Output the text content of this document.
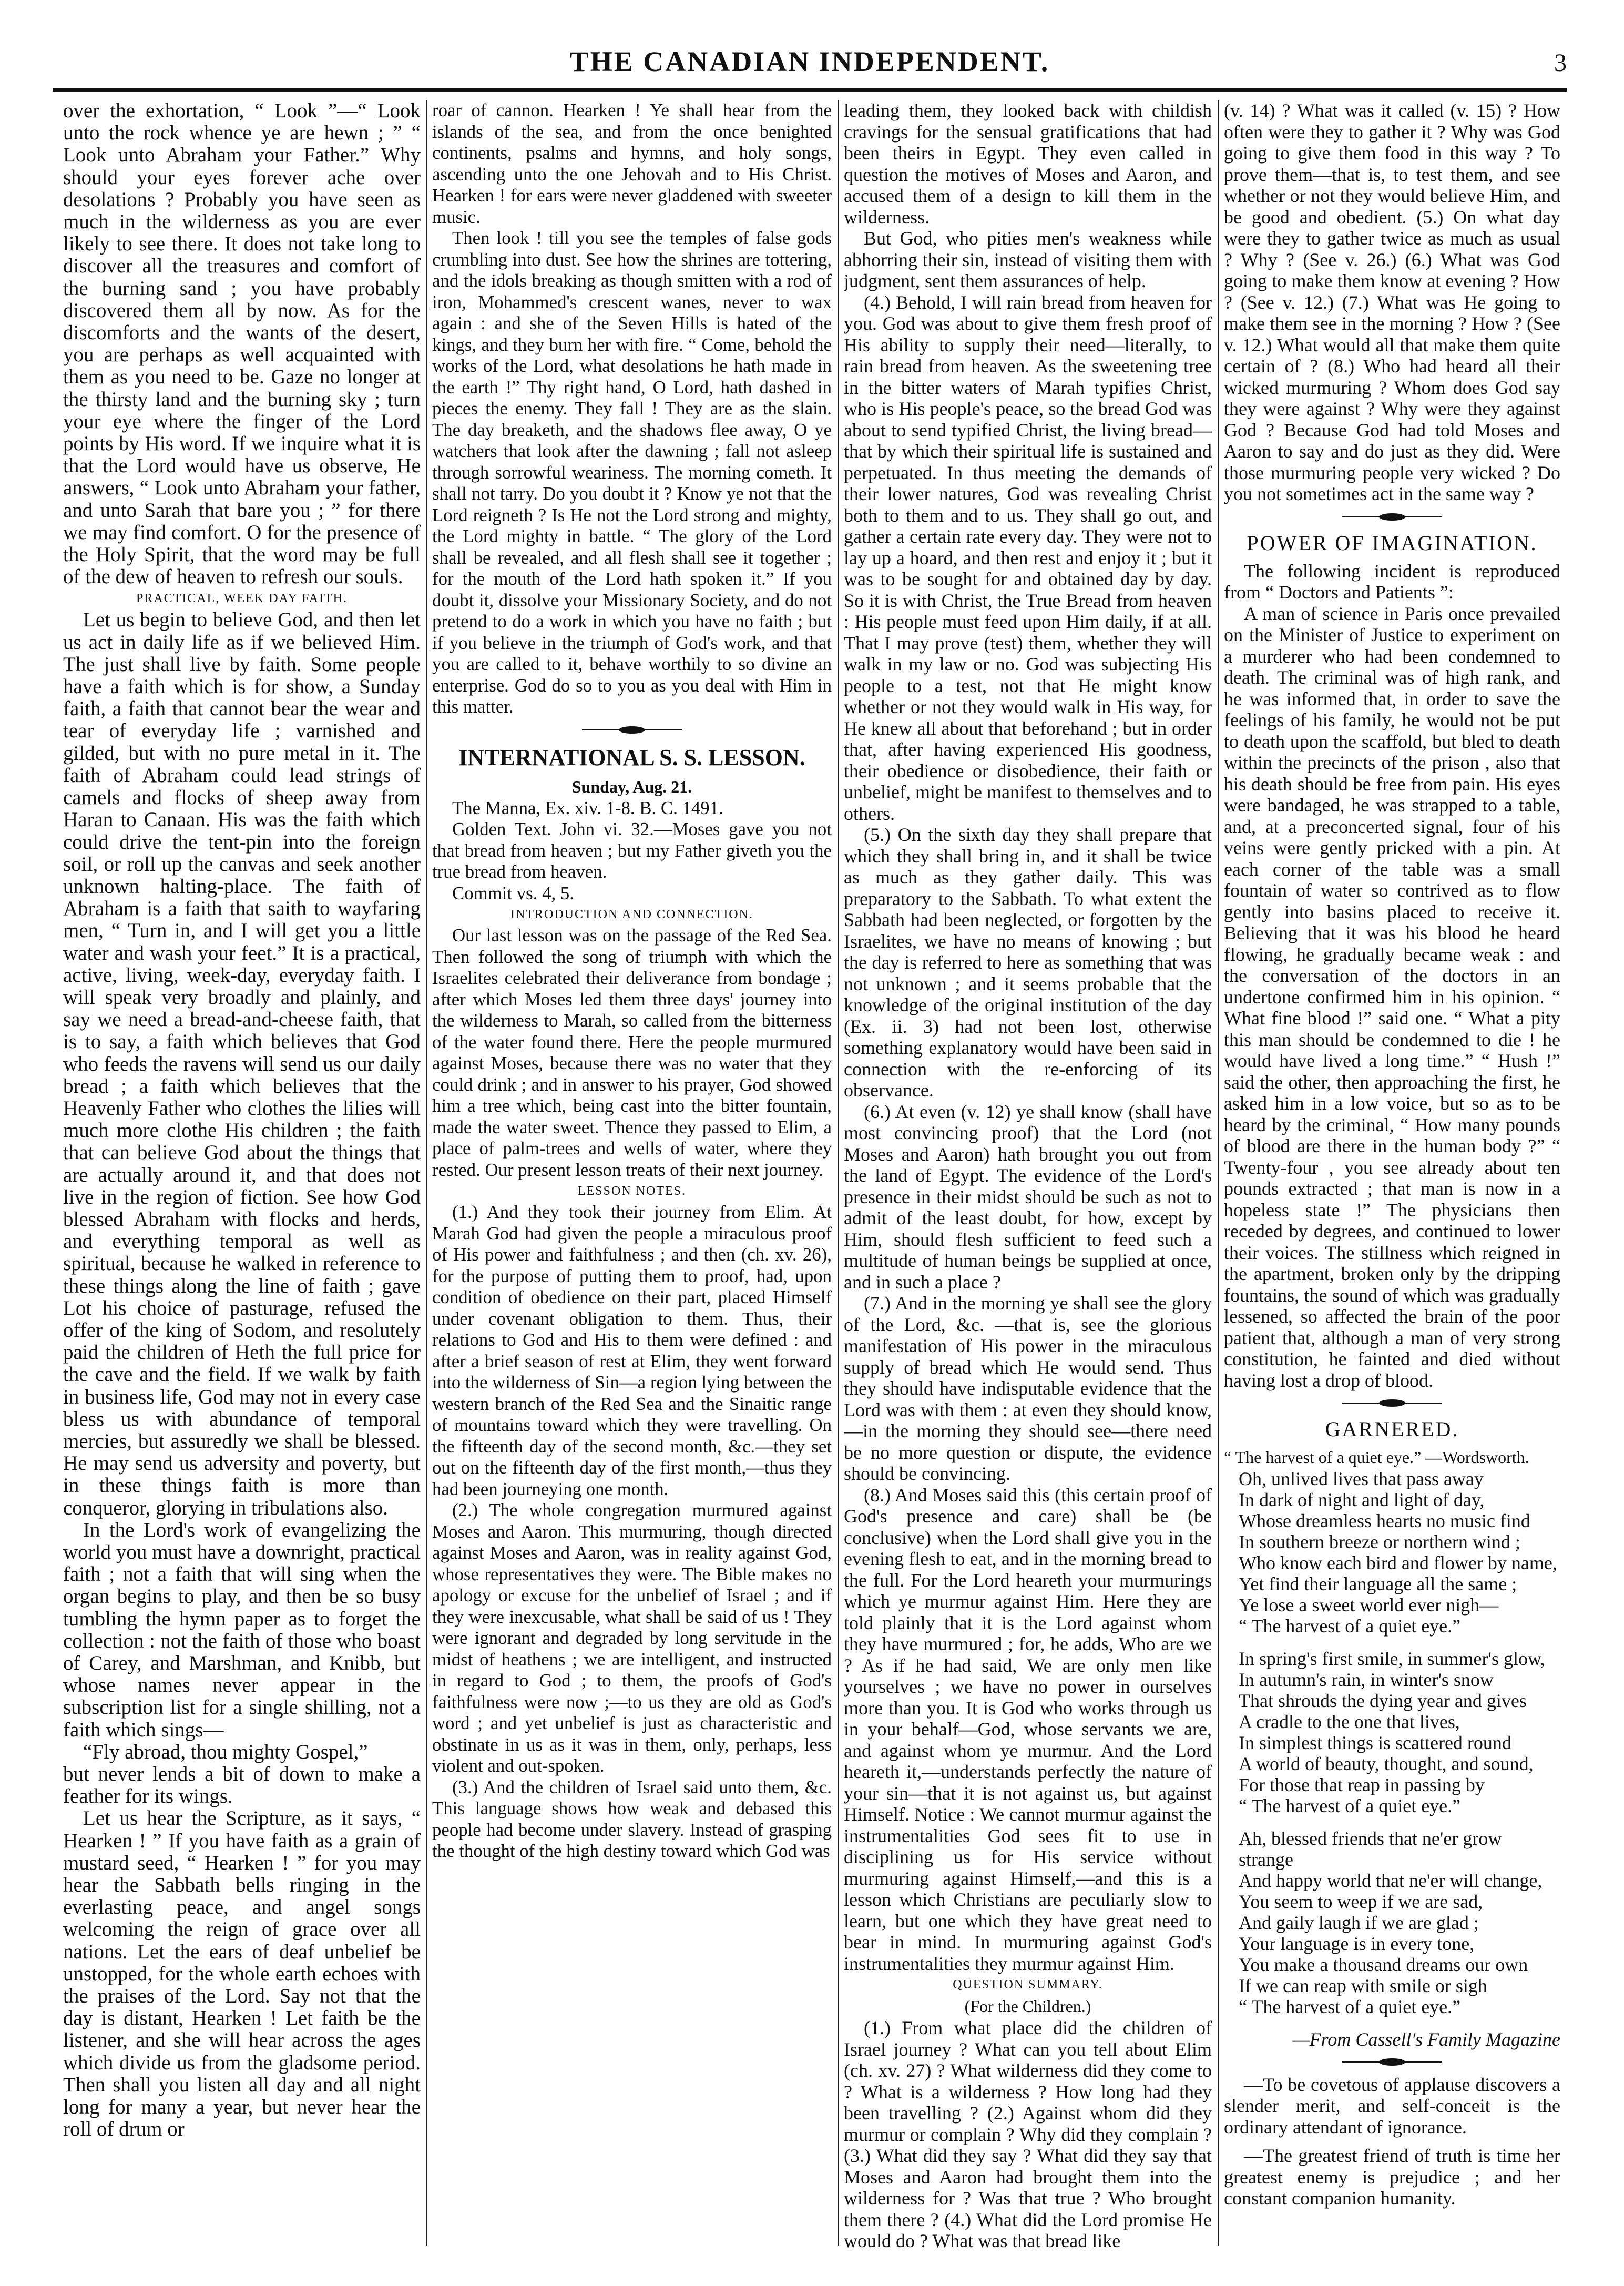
THE CANADIAN INDEPENDENT.	3

over the exhortation, “ Look ”—“ Look unto the rock whence ye are hewn ; ” “ Look unto Abraham your Father.” Why should your eyes forever ache over desolations ? Probably you have seen as much in the wilderness as you are ever likely to see there. It does not take long to discover all the treasures and comfort of the burning sand ; you have probably discovered them all by now. As for the discomforts and the wants of the desert, you are perhaps as well acquainted with them as you need to be. Gaze no longer at the thirsty land and the burning sky ; turn your eye where the finger of the Lord points by His word. If we inquire what it is that the Lord would have us observe, He answers, “ Look unto Abraham your father, and unto Sarah that bare you ; ” for there we may find comfort. O for the presence of the Holy Spirit, that the word may be full of the dew of heaven to refresh our souls.

PRACTICAL, WEEK DAY FAITH.

Let us begin to believe God, and then let us act in daily life as if we believed Him. The just shall live by faith. Some people have a faith which is for show, a Sunday faith, a faith that cannot bear the wear and tear of everyday life ; varnished and gilded, but with no pure metal in it. The faith of Abraham could lead strings of camels and flocks of sheep away from Haran to Canaan. His was the faith which could drive the tent-pin into the foreign soil, or roll up the canvas and seek another unknown halting-place. The faith of Abraham is a faith that saith to wayfaring men, “ Turn in, and I will get you a little water and wash your feet.” It is a practical, active, living, week-day, everyday faith. I will speak very broadly and plainly, and say we need a bread-and-cheese faith, that is to say, a faith which believes that God who feeds the ravens will send us our daily bread ; a faith which believes that the Heavenly Father who clothes the lilies will much more clothe His children ; the faith that can believe God about the things that are actually around it, and that does not live in the region of fiction. See how God blessed Abraham with flocks and herds, and everything temporal as well as spiritual, because he walked in reference to these things along the line of faith ; gave Lot his choice of pasturage, refused the offer of the king of Sodom, and resolutely paid the children of Heth the full price for the cave and the field. If we walk by faith in business life, God may not in every case bless us with abundance of temporal mercies, but assuredly we shall be blessed. He may send us adversity and poverty, but in these things faith is more than conqueror, glorying in tribulations also.

In the Lord's work of evangelizing the world you must have a downright, practical faith ; not a faith that will sing when the organ begins to play, and then be so busy tumbling the hymn paper as to forget the collection : not the faith of those who boast of Carey, and Marshman, and Knibb, but whose names never appear in the subscription list for a single shilling, not a faith which sings—

“Fly abroad, thou mighty Gospel,”

but never lends a bit of down to make a feather for its wings.

Let us hear the Scripture, as it says, “ Hearken ! ” If you have faith as a grain of mustard seed, “ Hearken ! ” for you may hear the Sabbath bells ringing in the everlasting peace, and angel songs welcoming the reign of grace over all nations. Let the ears of deaf unbelief be unstopped, for the whole earth echoes with the praises of the Lord. Say not that the day is distant, Hearken ! Let faith be the listener, and she will hear across the ages which divide us from the gladsome period. Then shall you listen all day and all night long for many a year, but never hear the roll of drum or

roar of cannon. Hearken ! Ye shall hear from the islands of the sea, and from the once benighted continents, psalms and hymns, and holy songs, ascending unto the one Jehovah and to His Christ. Hearken ! for ears were never gladdened with sweeter music.

Then look ! till you see the temples of false gods crumbling into dust. See how the shrines are tottering, and the idols breaking as though smitten with a rod of iron, Mohammed's crescent wanes, never to wax again : and she of the Seven Hills is hated of the kings, and they burn her with fire. “ Come, behold the works of the Lord, what desolations he hath made in the earth !” Thy right hand, O Lord, hath dashed in pieces the enemy. They fall ! They are as the slain. The day breaketh, and the shadows flee away, O ye watchers that look after the dawning ; fall not asleep through sorrowful weariness. The morning cometh. It shall not tarry. Do you doubt it ? Know ye not that the Lord reigneth ? Is He not the Lord strong and mighty, the Lord mighty in battle. “ The glory of the Lord shall be revealed, and all flesh shall see it together ; for the mouth of the Lord hath spoken it.” If you doubt it, dissolve your Missionary Society, and do not pretend to do a work in which you have no faith ; but if you believe in the triumph of God's work, and that you are called to it, behave worthily to so divine an enterprise. God do so to you as you deal with Him in this matter.

INTERNATIONAL S. S. LESSON.
Sunday, Aug. 21.

The Manna, Ex. xiv. 1-8. B. C. 1491.

Golden Text. John vi. 32.—Moses gave you not that bread from heaven ; but my Father giveth you the true bread from heaven.

Commit vs. 4, 5.

INTRODUCTION AND CONNECTION.

Our last lesson was on the passage of the Red Sea. Then followed the song of triumph with which the Israelites celebrated their deliverance from bondage ; after which Moses led them three days' journey into the wilderness to Marah, so called from the bitterness of the water found there. Here the people murmured against Moses, because there was no water that they could drink ; and in answer to his prayer, God showed him a tree which, being cast into the bitter fountain, made the water sweet. Thence they passed to Elim, a place of palm-trees and wells of water, where they rested. Our present lesson treats of their next journey.

LESSON NOTES.

(1.) And they took their journey from Elim. At Marah God had given the people a miraculous proof of His power and faithfulness ; and then (ch. xv. 26), for the purpose of putting them to proof, had, upon condition of obedience on their part, placed Himself under covenant obligation to them. Thus, their relations to God and His to them were defined : and after a brief season of rest at Elim, they went forward into the wilderness of Sin—a region lying between the western branch of the Red Sea and the Sinaitic range of mountains toward which they were travelling. On the fifteenth day of the second month, &c.—they set out on the fifteenth day of the first month,—thus they had been journeying one month.

(2.) The whole congregation murmured against Moses and Aaron. This murmuring, though directed against Moses and Aaron, was in reality against God, whose representatives they were. The Bible makes no apology or excuse for the unbelief of Israel ; and if they were inexcusable, what shall be said of us ! They were ignorant and degraded by long servitude in the midst of heathens ; we are intelligent, and instructed in regard to God ; to them, the proofs of God's faithfulness were now ;—to us they are old as God's word ; and yet unbelief is just as characteristic and obstinate in us as it was in them, only, perhaps, less violent and out-spoken.

(3.) And the children of Israel said unto them, &c. This language shows how weak and debased this people had become under slavery. Instead of grasping the thought of the high destiny toward which God was

leading them, they looked back with childish cravings for the sensual gratifications that had been theirs in Egypt. They even called in question the motives of Moses and Aaron, and accused them of a design to kill them in the wilderness.

But God, who pities men's weakness while abhorring their sin, instead of visiting them with judgment, sent them assurances of help.

(4.) Behold, I will rain bread from heaven for you. God was about to give them fresh proof of His ability to supply their need—literally, to rain bread from heaven. As the sweetening tree in the bitter waters of Marah typifies Christ, who is His people's peace, so the bread God was about to send typified Christ, the living bread—that by which their spiritual life is sustained and perpetuated. In thus meeting the demands of their lower natures, God was revealing Christ both to them and to us. They shall go out, and gather a certain rate every day. They were not to lay up a hoard, and then rest and enjoy it ; but it was to be sought for and obtained day by day. So it is with Christ, the True Bread from heaven : His people must feed upon Him daily, if at all. That I may prove (test) them, whether they will walk in my law or no. God was subjecting His people to a test, not that He might know whether or not they would walk in His way, for He knew all about that beforehand ; but in order that, after having experienced His goodness, their obedience or disobedience, their faith or unbelief, might be manifest to themselves and to others.

(5.) On the sixth day they shall prepare that which they shall bring in, and it shall be twice as much as they gather daily. This was preparatory to the Sabbath. To what extent the Sabbath had been neglected, or forgotten by the Israelites, we have no means of knowing ; but the day is referred to here as something that was not unknown ; and it seems probable that the knowledge of the original institution of the day (Ex. ii. 3) had not been lost, otherwise something explanatory would have been said in connection with the re-enforcing of its observance.

(6.) At even (v. 12) ye shall know (shall have most convincing proof) that the Lord (not Moses and Aaron) hath brought you out from the land of Egypt. The evidence of the Lord's presence in their midst should be such as not to admit of the least doubt, for how, except by Him, should flesh sufficient to feed such a multitude of human beings be supplied at once, and in such a place ?

(7.) And in the morning ye shall see the glory of the Lord, &c. —that is, see the glorious manifestation of His power in the miraculous supply of bread which He would send. Thus they should have indisputable evidence that the Lord was with them : at even they should know,—in the morning they should see—there need be no more question or dispute, the evidence should be convincing.

(8.) And Moses said this (this certain proof of God's presence and care) shall be (be conclusive) when the Lord shall give you in the evening flesh to eat, and in the morning bread to the full. For the Lord heareth your murmurings which ye murmur against Him. Here they are told plainly that it is the Lord against whom they have murmured ; for, he adds, Who are we ? As if he had said, We are only men like yourselves ; we have no power in ourselves more than you. It is God who works through us in your behalf—God, whose servants we are, and against whom ye murmur. And the Lord heareth it,—understands perfectly the nature of your sin—that it is not against us, but against Himself. Notice : We cannot murmur against the instrumentalities God sees fit to use in disciplining us for His service without murmuring against Himself,—and this is a lesson which Christians are peculiarly slow to learn, but one which they have great need to bear in mind. In murmuring against God's instrumentalities they murmur against Him.

QUESTION SUMMARY.
(For the Children.)

(1.) From what place did the children of Israel journey ? What can you tell about Elim (ch. xv. 27) ? What wilderness did they come to ? What is a wilderness ? How long had they been travelling ? (2.) Against whom did they murmur or complain ? Why did they complain ? (3.) What did they say ? What did they say that Moses and Aaron had brought them into the wilderness for ? Was that true ? Who brought them there ? (4.) What did the Lord promise He would do ? What was that bread like

(v. 14) ? What was it called (v. 15) ? How often were they to gather it ? Why was God going to give them food in this way ? To prove them—that is, to test them, and see whether or not they would believe Him, and be good and obedient. (5.) On what day were they to gather twice as much as usual ? Why ? (See v. 26.) (6.) What was God going to make them know at evening ? How ? (See v. 12.) (7.) What was He going to make them see in the morning ? How ? (See v. 12.) What would all that make them quite certain of ? (8.) Who had heard all their wicked murmuring ? Whom does God say they were against ? Why were they against God ? Because God had told Moses and Aaron to say and do just as they did. Were those murmuring people very wicked ? Do you not sometimes act in the same way ?

POWER OF IMAGINATION.

The following incident is reproduced from “ Doctors and Patients ”:

A man of science in Paris once prevailed on the Minister of Justice to experiment on a murderer who had been condemned to death. The criminal was of high rank, and he was informed that, in order to save the feelings of his family, he would not be put to death upon the scaffold, but bled to death within the precincts of the prison , also that his death should be free from pain. His eyes were bandaged, he was strapped to a table, and, at a preconcerted signal, four of his veins were gently pricked with a pin. At each corner of the table was a small fountain of water so contrived as to flow gently into basins placed to receive it. Believing that it was his blood he heard flowing, he gradually became weak : and the conversation of the doctors in an undertone confirmed him in his opinion. “ What fine blood !” said one. “ What a pity this man should be condemned to die ! he would have lived a long time.” “ Hush !” said the other, then approaching the first, he asked him in a low voice, but so as to be heard by the criminal, “ How many pounds of blood are there in the human body ?” “ Twenty-four , you see already about ten pounds extracted ; that man is now in a hopeless state !” The physicians then receded by degrees, and continued to lower their voices. The stillness which reigned in the apartment, broken only by the dripping fountains, the sound of which was gradually lessened, so affected the brain of the poor patient that, although a man of very strong constitution, he fainted and died without having lost a drop of blood.

GARNERED.

“ The harvest of a quiet eye.” —Wordsworth.

Oh, unlived lives that pass away

In dark of night and light of day,

Whose dreamless hearts no music find

In southern breeze or northern wind ;

Who know each bird and flower by name,

Yet find their language all the same ;

Ye lose a sweet world ever nigh—

“ The harvest of a quiet eye.”

In spring's first smile, in summer's glow,

In autumn's rain, in winter's snow

That shrouds the dying year and gives

A cradle to the one that lives,

In simplest things is scattered round

A world of beauty, thought, and sound,

For those that reap in passing by

“ The harvest of a quiet eye.”

Ah, blessed friends that ne'er grow strange

And happy world that ne'er will change,

You seem to weep if we are sad,

And gaily laugh if we are glad ;

Your language is in every tone,

You make a thousand dreams our own

If we can reap with smile or sigh

“ The harvest of a quiet eye.”

—From Cassell's Family Magazine

—To be covetous of applause discovers a slender merit, and self-conceit is the ordinary attendant of ignorance.

—The greatest friend of truth is time her greatest enemy is prejudice ; and her constant companion humanity.
